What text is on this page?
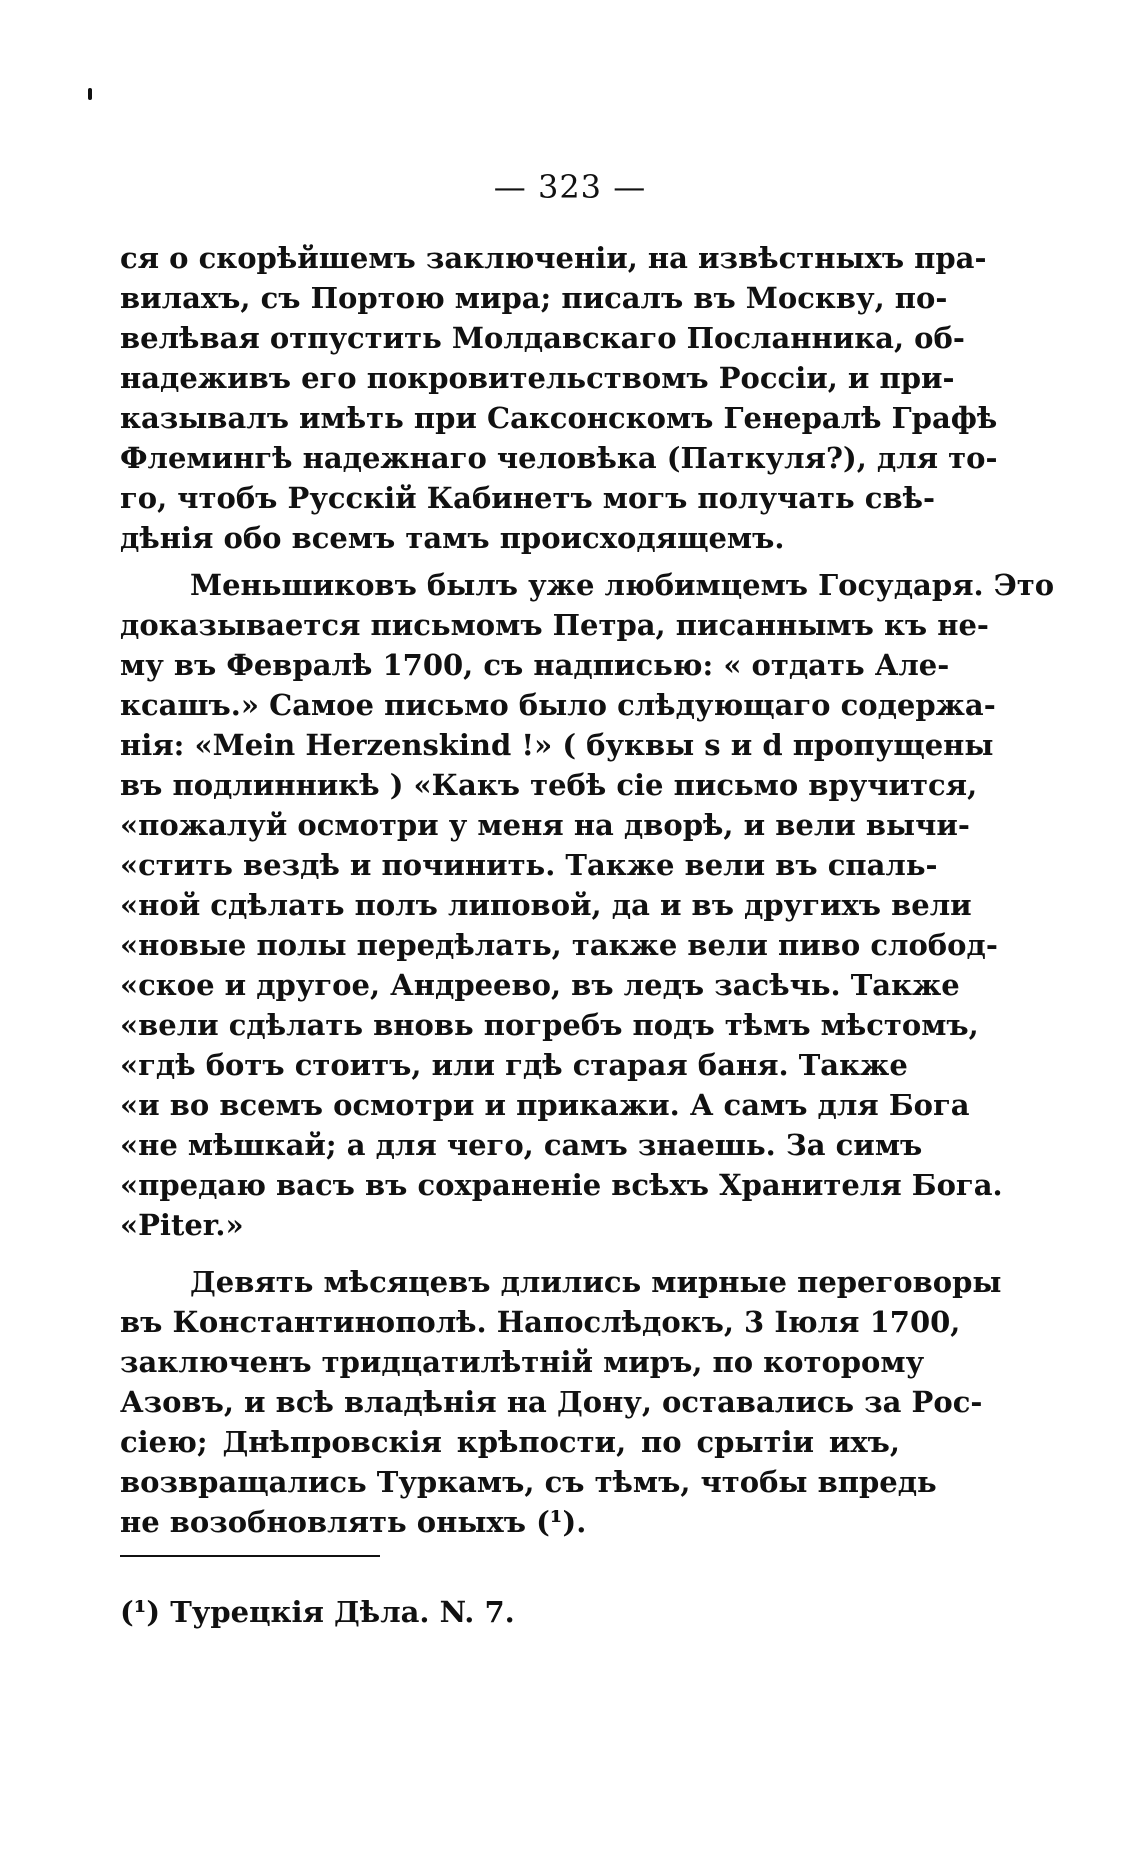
— 323 —
ся о скорѣйшемъ заключенiи, на извѣстныхъ пра-
вилахъ, съ Портою мира; писалъ въ Москву, по-
велѣвая отпустить Молдавскаго Посланника, об-
надеживъ его покровительствомъ Россiи, и при-
казывалъ имѣть при Саксонскомъ Генералѣ Графѣ
Флемингѣ надежнаго человѣка (Паткуля?), для то-
го, чтобъ Русскiй Кабинетъ могъ получать свѣ-
дѣнiя обо всемъ тамъ происходящемъ.
Меньшиковъ былъ уже любимцемъ Государя. Это
доказывается письмомъ Петра, писаннымъ къ не-
му въ Февралѣ 1700, съ надписью: « отдать Але-
ксашъ.» Самое письмо было слѣдующаго содержа-
нiя: «Mein Herzenskind !» ( буквы s и d пропущены
въ подлинникѣ ) «Какъ тебѣ сiе письмо вручится,
«пожалуй осмотри у меня на дворѣ, и вели вычи-
«стить вездѣ и починить. Также вели въ спаль-
«ной сдѣлать полъ липовой, да и въ другихъ вели
«новые полы передѣлать, также вели пиво слобод-
«ское и другое, Андреево, въ ледъ засѣчь. Также
«вели сдѣлать вновь погребъ подъ тѣмъ мѣстомъ,
«гдѣ ботъ стоитъ, или гдѣ старая баня. Также
«и во всемъ осмотри и прикажи. А самъ для Бога
«не мѣшкай; а для чего, самъ знаешь. За симъ
«предаю васъ въ сохраненiе всѣхъ Хранителя Бога.
«Piter.»
Девять мѣсяцевъ длились мирные переговоры
въ Константинополѣ. Напослѣдокъ, 3 Iюля 1700,
заключенъ тридцатилѣтнiй миръ, по которому
Азовъ, и всѣ владѣнiя на Дону, оставались за Рос-
сiею; Днѣпровскiя крѣпости, по срытiи ихъ,
возвращались Туркамъ, съ тѣмъ, чтобы впредь
не возобновлять оныхъ (¹).
(¹) Турецкiя Дѣла. N. 7.
